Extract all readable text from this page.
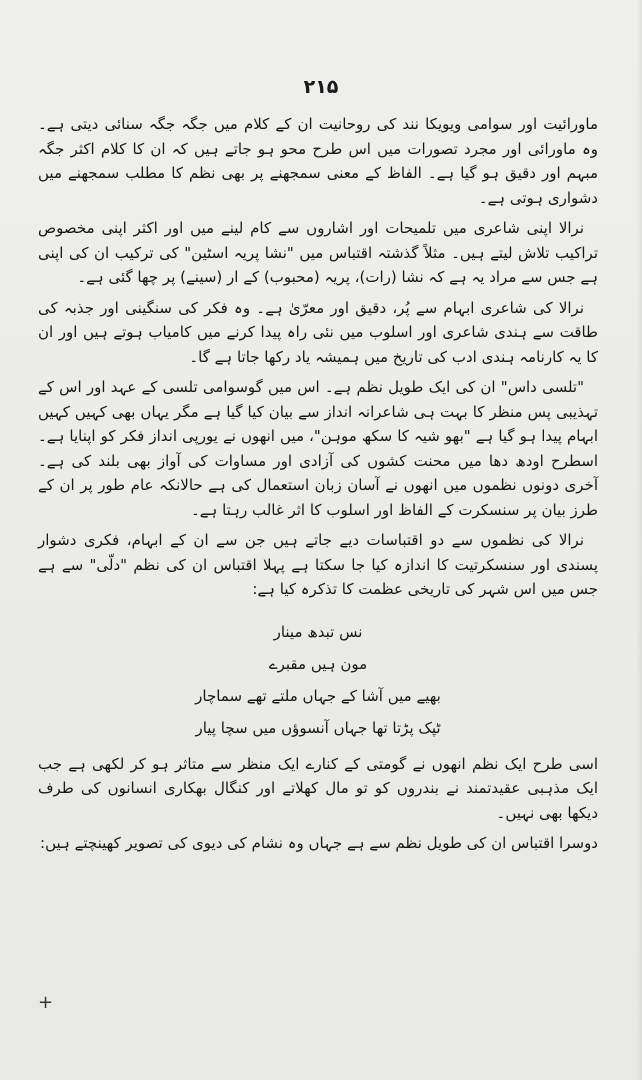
۲۱۵

ماورائیت اور سوامی ویویکا نند کی روحانیت ان کے کلام میں جگہ جگہ سنائی دیتی ہے۔ وہ ماورائی اور مجرد تصورات میں اس طرح محو ہو جاتے ہیں کہ ان کا کلام اکثر جگہ مبہم اور دقیق ہو گیا ہے۔ الفاظ کے معنی سمجھنے پر بھی نظم کا مطلب سمجھنے میں دشواری ہوتی ہے۔

نرالا اپنی شاعری میں تلمیحات اور اشاروں سے کام لینے میں اور اکثر اپنی مخصوص تراکیب تلاش لیتے ہیں۔ مثلاً گذشتہ اقتباس میں "نشا پریہ اسٹین" کی ترکیب ان کی اپنی ہے جس سے مراد یہ ہے کہ نشا (رات)، پریہ (محبوب) کے ار (سینے) پر چھا گئی ہے۔

نرالا کی شاعری ابہام سے پُر، دقیق اور معرّیٰ ہے۔ وہ فکر کی سنگینی اور جذبہ کی طاقت سے ہندی شاعری اور اسلوب میں نئی راہ پیدا کرنے میں کامیاب ہوتے ہیں اور ان کا یہ کارنامہ ہندی ادب کی تاریخ میں ہمیشہ یاد رکھا جاتا ہے گا۔

"تلسی داس" ان کی ایک طویل نظم ہے۔ اس میں گوسوامی تلسی کے عہد اور اس کے تہذیبی پس منظر کا بہت ہی شاعرانہ انداز سے بیان کیا گیا ہے مگر یہاں بھی کہیں کہیں ابہام پیدا ہو گیا ہے "بھو شیہ کا سکھ موہن"، میں انھوں نے یورپی انداز فکر کو اپنایا ہے۔ اسطرح اودھ دھا میں محنت کشوں کی آزادی اور مساوات کی آواز بھی بلند کی ہے۔ آخری دونوں نظموں میں انھوں نے آسان زبان استعمال کی ہے حالانکہ عام طور پر ان کے طرز بیان پر سنسکرت کے الفاظ اور اسلوب کا اثر غالب رہتا ہے۔

نرالا کی نظموں سے دو اقتباسات دیے جاتے ہیں جن سے ان کے ابہام، فکری دشوار پسندی اور سنسکرتیت کا اندازہ کیا جا سکتا ہے پہلا اقتباس ان کی نظم "دلّی" سے ہے جس میں اس شہر کی تاریخی عظمت کا تذکرہ کیا ہے:

نس تبدھ مینار
مون ہیں مقبرے
بھیے میں آشا کے جہاں ملتے تھے سماچار
ٹپک پڑتا تھا جہاں آنسوؤں میں سچا پیار

اسی طرح ایک نظم انھوں نے گومتی کے کنارے ایک منظر سے متاثر ہو کر لکھی ہے جب ایک مذہبی عقیدتمند نے بندروں کو تو مال کھلاتے اور کنگال بھکاری انسانوں کی طرف دیکھا بھی نہیں۔

دوسرا اقتباس ان کی طویل نظم سے ہے جہاں وہ نشام کی دیوی کی تصویر کھینچتے ہیں:

+
